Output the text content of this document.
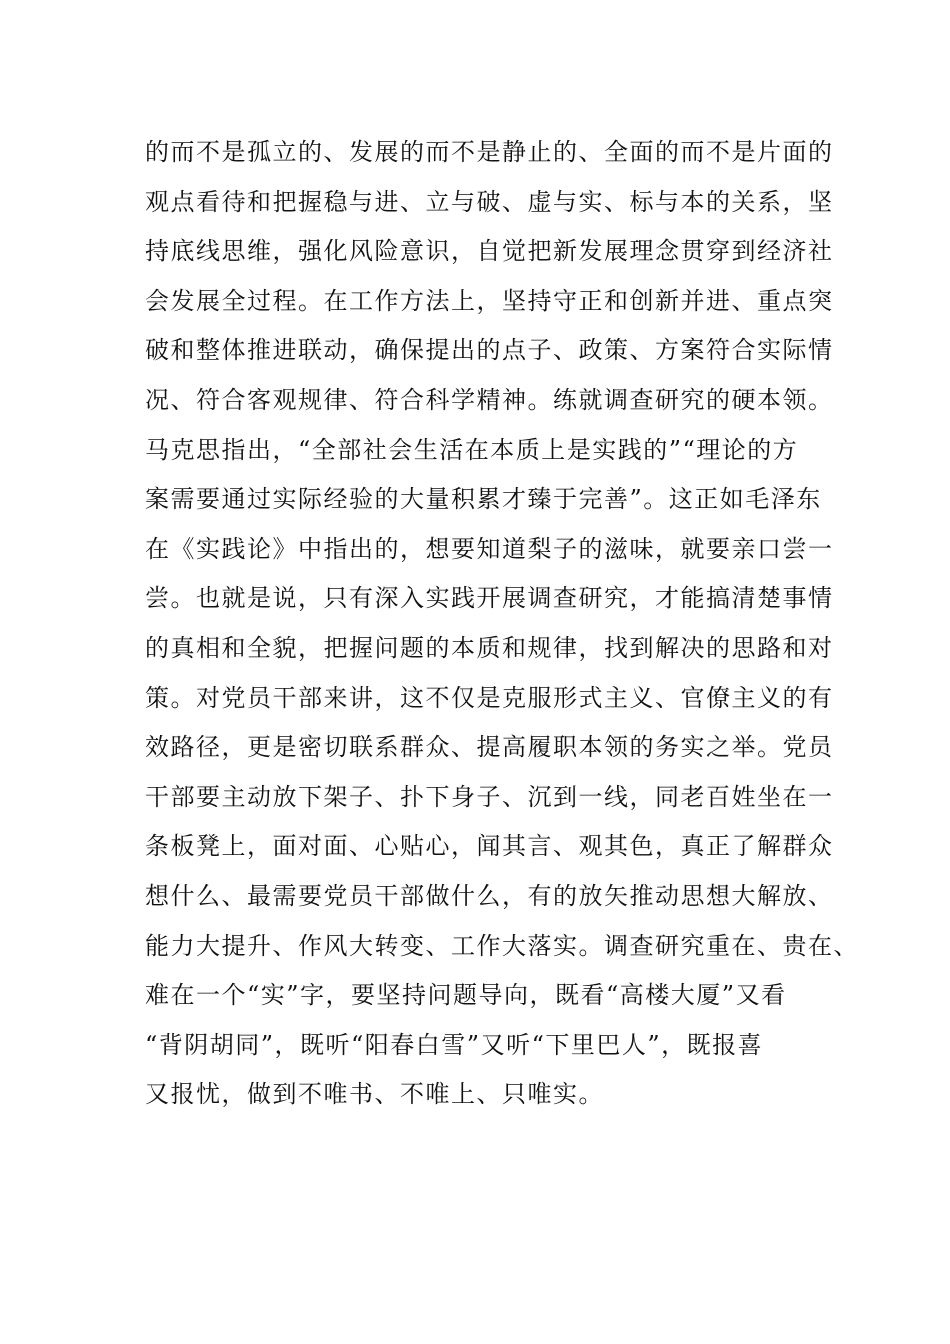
的而不是孤立的、发展的而不是静止的、全面的而不是片面的
观点看待和把握稳与进、立与破、虚与实、标与本的关系，坚
持底线思维，强化风险意识，自觉把新发展理念贯穿到经济社
会发展全过程。在工作方法上，坚持守正和创新并进、重点突
破和整体推进联动，确保提出的点子、政策、方案符合实际情
况、符合客观规律、符合科学精神。练就调查研究的硬本领。
马克思指出，“全部社会生活在本质上是实践的”“理论的方
案需要通过实际经验的大量积累才臻于完善”。这正如毛泽东
在《实践论》中指出的，想要知道梨子的滋味，就要亲口尝一
尝。也就是说，只有深入实践开展调查研究，才能搞清楚事情
的真相和全貌，把握问题的本质和规律，找到解决的思路和对
策。对党员干部来讲，这不仅是克服形式主义、官僚主义的有
效路径，更是密切联系群众、提高履职本领的务实之举。党员
干部要主动放下架子、扑下身子、沉到一线，同老百姓坐在一
条板凳上，面对面、心贴心，闻其言、观其色，真正了解群众
想什么、最需要党员干部做什么，有的放矢推动思想大解放、
能力大提升、作风大转变、工作大落实。调查研究重在、贵在、
难在一个“实”字，要坚持问题导向，既看“高楼大厦”又看
“背阴胡同”，既听“阳春白雪”又听“下里巴人”，既报喜
又报忧，做到不唯书、不唯上、只唯实。
